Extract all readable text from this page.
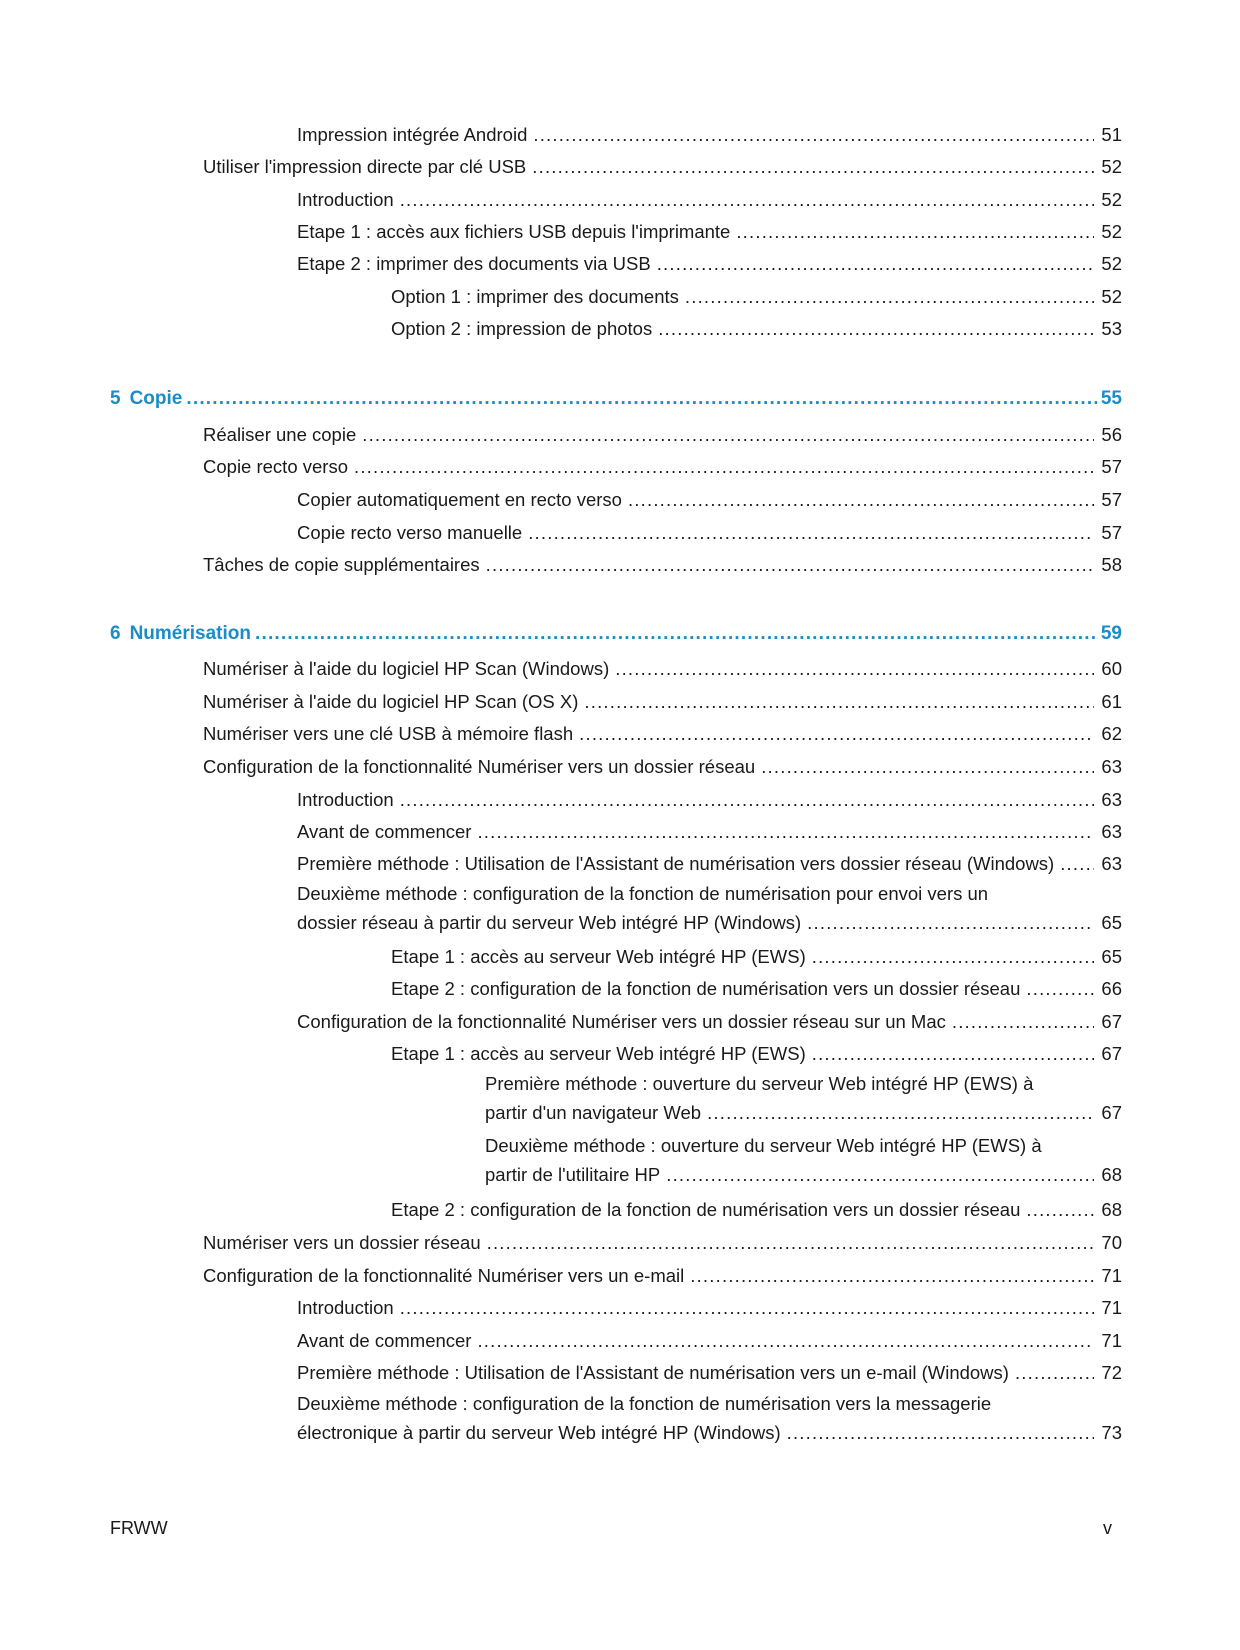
Impression intégrée Android .....	51
Utiliser l'impression directe par clé USB .....	52
Introduction .....	52
Etape 1 : accès aux fichiers USB depuis l'imprimante .....	52
Etape 2 : imprimer des documents via USB .....	52
Option 1 : imprimer des documents .....	52
Option 2 : impression de photos .....	53
5 Copie .....	55
Réaliser une copie .....	56
Copie recto verso .....	57
Copier automatiquement en recto verso .....	57
Copie recto verso manuelle .....	57
Tâches de copie supplémentaires .....	58
6 Numérisation .....	59
Numériser à l'aide du logiciel HP Scan (Windows) .....	60
Numériser à l'aide du logiciel HP Scan (OS X) .....	61
Numériser vers une clé USB à mémoire flash .....	62
Configuration de la fonctionnalité Numériser vers un dossier réseau .....	63
Introduction .....	63
Avant de commencer .....	63
Première méthode : Utilisation de l'Assistant de numérisation vers dossier réseau (Windows) .....	63
Deuxième méthode : configuration de la fonction de numérisation pour envoi vers un
dossier réseau à partir du serveur Web intégré HP (Windows) .....	65
Etape 1 : accès au serveur Web intégré HP (EWS) .....	65
Etape 2 : configuration de la fonction de numérisation vers un dossier réseau .....	66
Configuration de la fonctionnalité Numériser vers un dossier réseau sur un Mac .....	67
Etape 1 : accès au serveur Web intégré HP (EWS) .....	67
Première méthode : ouverture du serveur Web intégré HP (EWS) à
partir d'un navigateur Web .....	67
Deuxième méthode : ouverture du serveur Web intégré HP (EWS) à
partir de l'utilitaire HP .....	68
Etape 2 : configuration de la fonction de numérisation vers un dossier réseau .....	68
Numériser vers un dossier réseau .....	70
Configuration de la fonctionnalité Numériser vers un e-mail .....	71
Introduction .....	71
Avant de commencer .....	71
Première méthode : Utilisation de l'Assistant de numérisation vers un e-mail (Windows) .....	72
Deuxième méthode : configuration de la fonction de numérisation vers la messagerie
électronique à partir du serveur Web intégré HP (Windows) .....	73
FRWW	v
